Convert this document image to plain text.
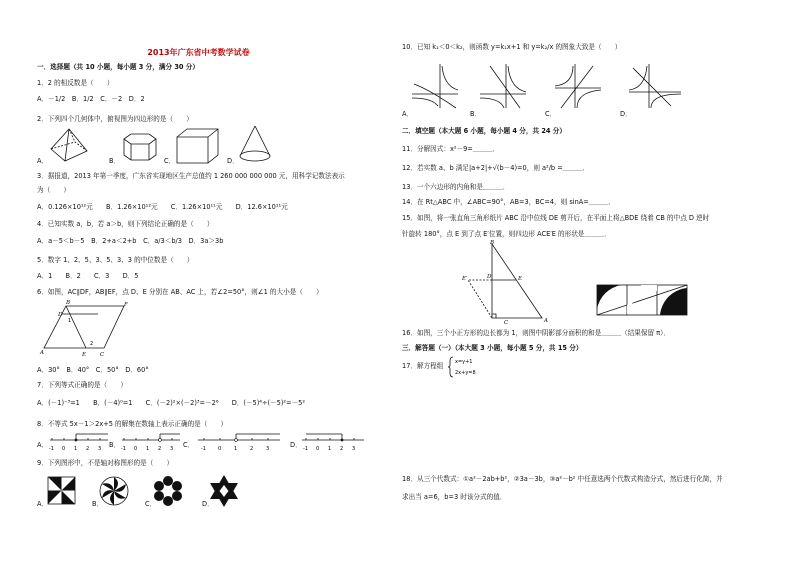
2013年广东省中考数学试卷
一．选择题（共 10 小题，每小题 3 分，满分 30 分）
1．2 的相反数是（　　）
A．－1/2　B．1/2　C．－2　D．2
2．下列四个几何体中，俯视图为四边形的是（　　）
A．	B．	C．	D．
3．据报道，2013 年第一季度，广东省实现地区生产总值约 1 260 000 000 000 元，用科学记数法表示
为（　　）
A．0.126×10¹²元　　B．1.26×10¹²元　　C．1.26×10¹¹元　　D．12.6×10¹¹元
4．已知实数 a，b，若 a＞b，则下列结论正确的是（　　）
A．a－5＜b－5　B．2+a＜2+b　C．a/3＜b/3　D．3a＞3b
5．数字 1、2、5、3、5、3、3 的中位数是（　　）
A．1　　B．2　　C．3　　D．5
6．如图，AC∥DF，AB∥EF，点 D、E 分别在 AB、AC 上，若∠2=50°，则∠1 的大小是（　　）
A
D
F
E	C
B
1
2
A．30°　B．40°　C．50°　D．60°
7．下列等式正确的是（　　）
A．(－1)⁻³=1　　B．(－4)⁰=1　　C．(－2)²×(－2)³=－2⁶　　D．(－5)⁴÷(－5)²=－5²
8．不等式 5x－1＞2x+5 的解集在数轴上表示正确的是（　　）
A．	B．	C．	D．
-1 0 1 2 3	-1 0 1 2 3	-1 0	1	2	3	-1 0 1 2 3
9．下列图形中，不是轴对称图形的是（　　）
A．	B．	C．	D．
10．已知 k₁＜0＜k₂，则函数 y=k₁x+1 和 y=k₂/x 的图象大致是（　　）
A．	B．	C．	D．
二．填空题（本大题 6 小题，每小题 4 分，共 24 分）
11．分解因式：x²－9=＿＿＿．
12．若实数 a、b 满足|a+2|+√(b－4)=0，则 a²/b =＿＿＿．
13．一个六边形的内角和是＿＿＿．
14．在 Rt△ABC 中，∠ABC=90°，AB=3，BC=4，则 sinA=＿＿＿．
15．如图，将一张直角三角形纸片 ABC 沿中位线 DE 剪开后，在平面上将△BDE 绕着 CB 的中点 D 逆时
针旋转 180°，点 E 到了点 E′位置，则四边形 ACE′E 的形状是＿＿＿．
B
E′	D	E
C	A
16．如图，三个小正方形的边长都为 1，则图中阴影部分面积的和是＿＿＿（结果保留 π）．
三．解答题（一）（本大题 3 小题，每小题 5 分，共 15 分）
17．解方程组 x=y+1
2x+y=8
18．从三个代数式：①a²－2ab+b²，②3a－3b，③a²－b² 中任意选两个代数式构造分式，然后进行化简，并
求出当 a=6，b=3 时该分式的值．
